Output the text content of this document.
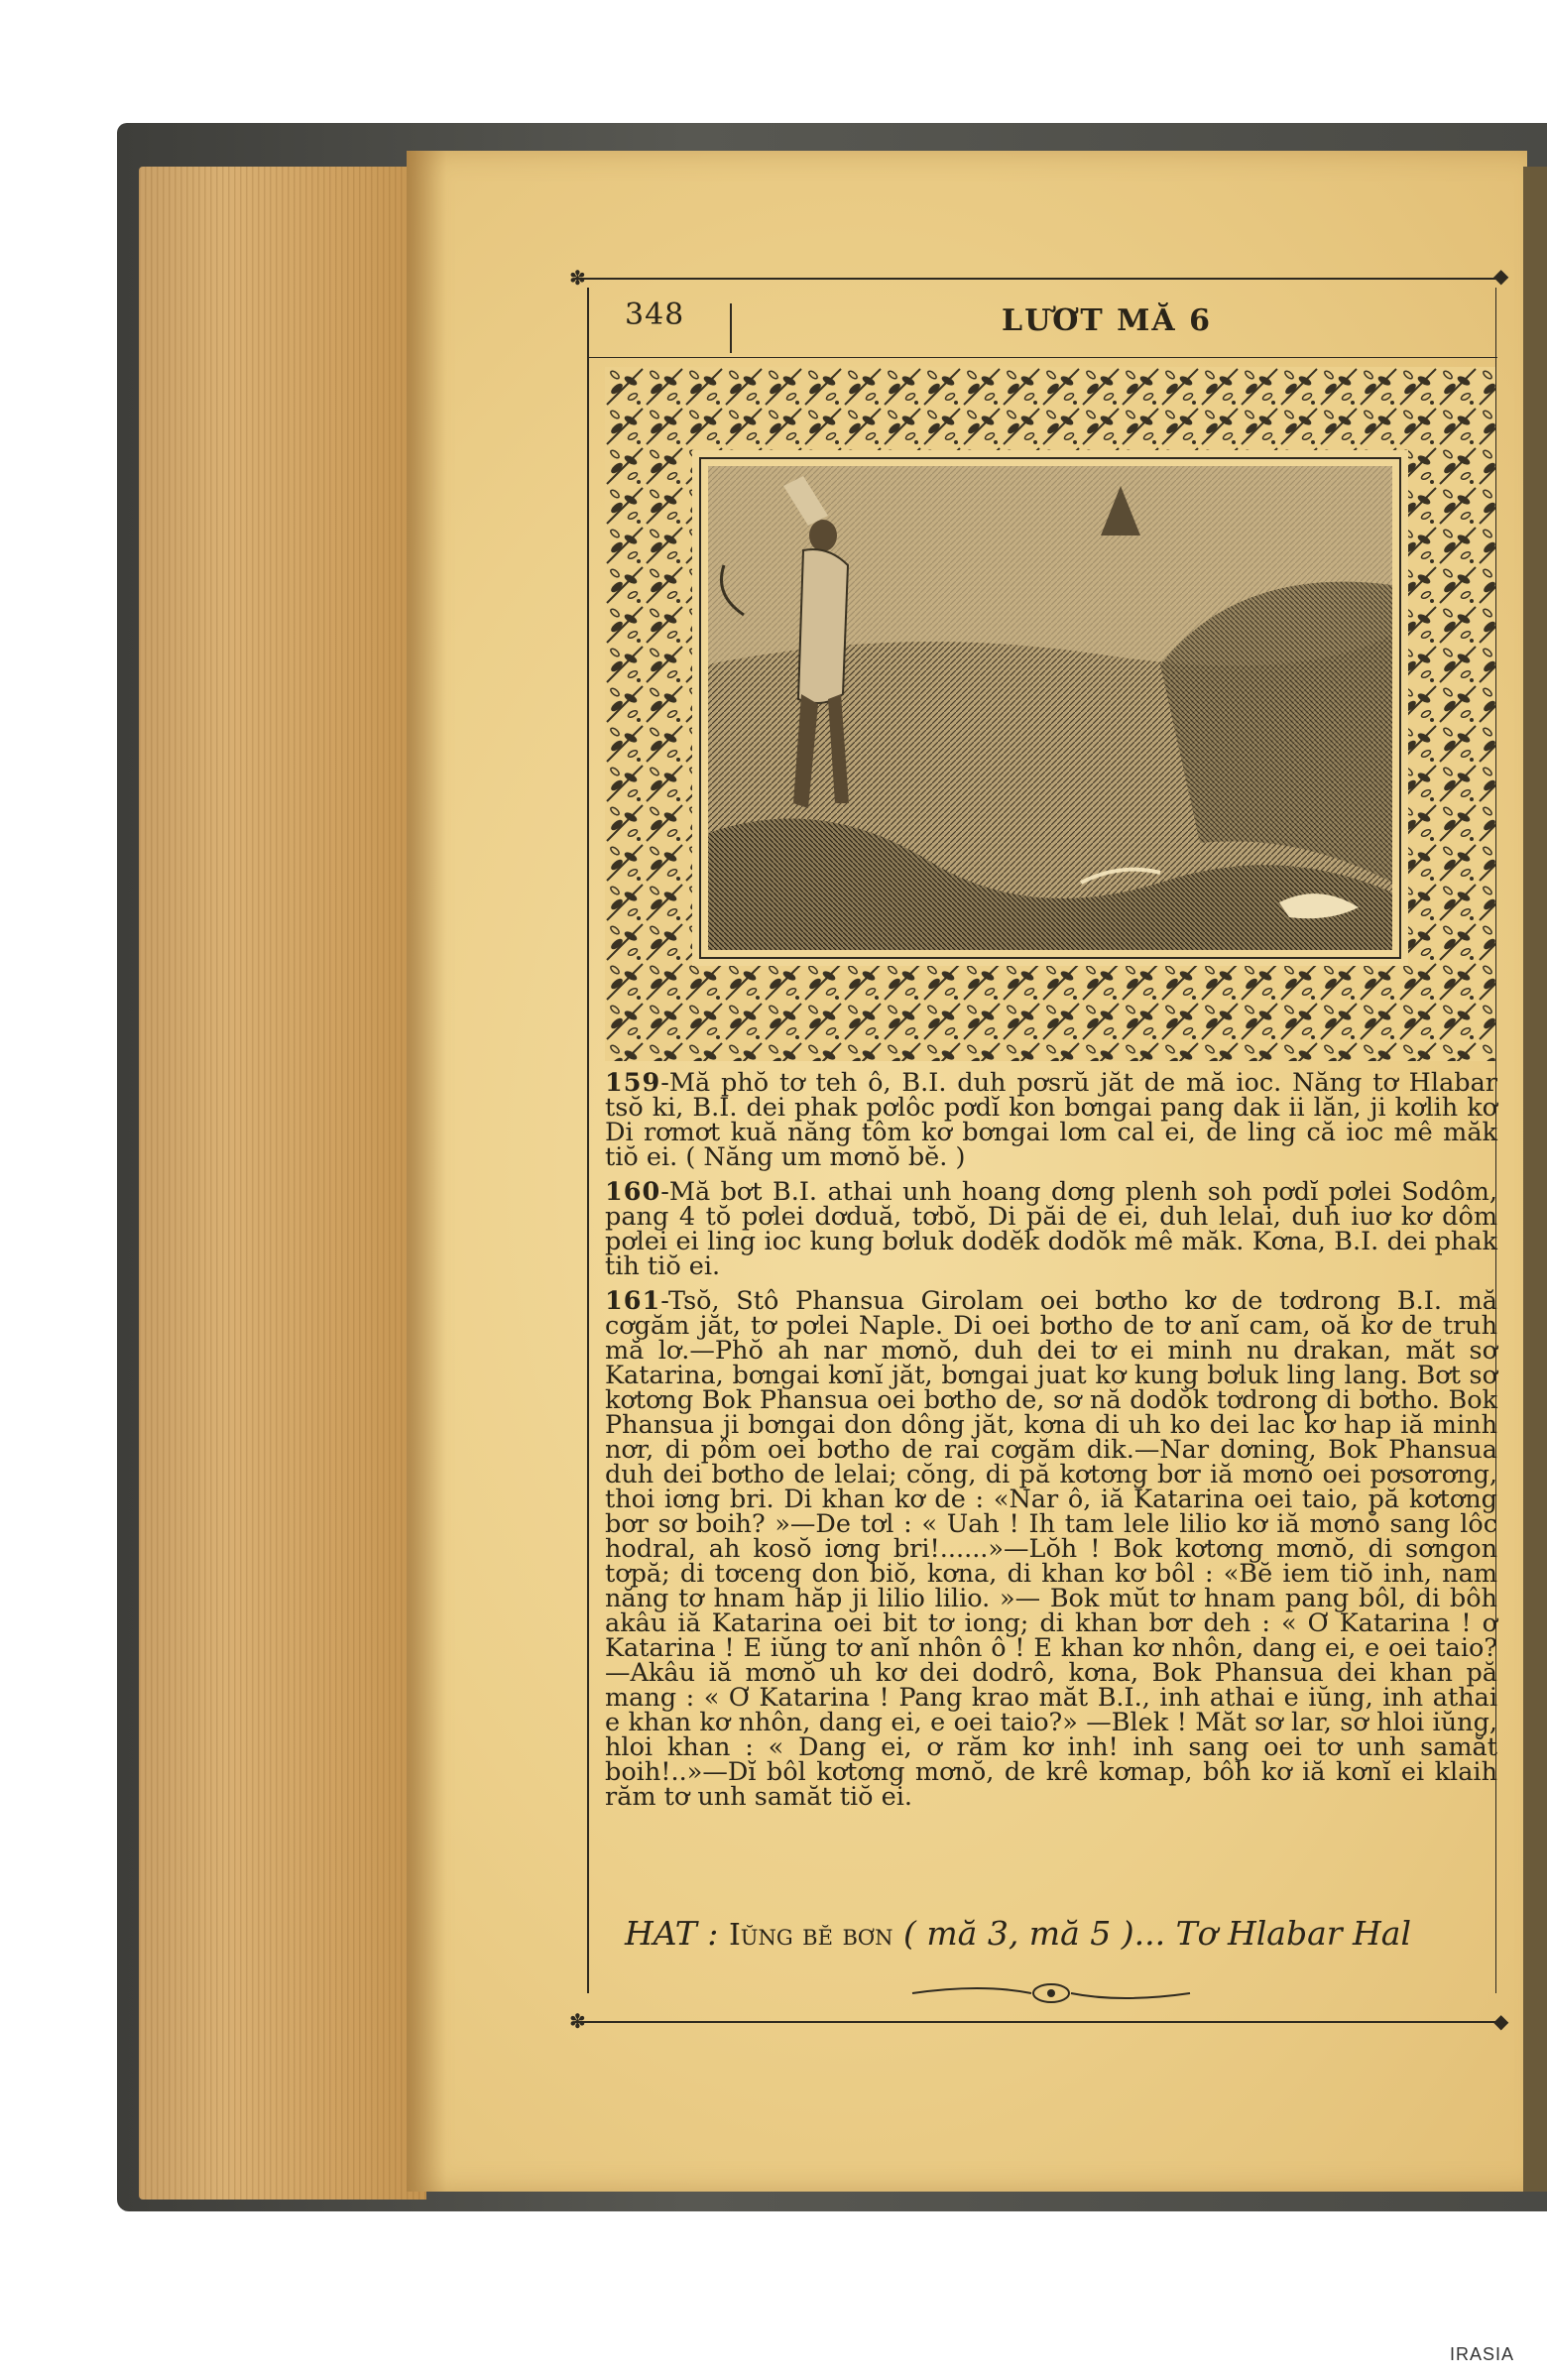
✽	◆
348	LƯƠT MĂ 6

159-Mă phŏ tơ teh ô, B.I. duh pơsrŭ jăt de mă ioc. Năng tơ Hlabar tsŏ ki, B.I. dei phak pơlôc pơdĭ kon bơngai pang dak ii lăn, ji kơlih kơ Di rơmơt kuă năng tôm kơ bơngai lơm cal ei, de ling că ioc mê măk tiŏ ei. ( Năng um mơnŏ bĕ. )

160-Mă bơt B.I. athai unh hoang dơng plenh soh pơdĭ pơlei Sodôm, pang 4 tŏ pơlei dơduă, tơbŏ, Di păi de ei, duh lelai, duh iuơ kơ dôm pơlei ei ling ioc kung bơluk dodĕk dodŏk mê măk. Kơna, B.I. dei phak tih tiŏ ei.

161-Tsŏ, Stô Phansua Girolam oei bơtho kơ de tơdrong B.I. mă cơgăm jăt, tơ pơlei Naple. Di oei bơtho de tơ anĭ cam, oă kơ de truh mă lơ.—Phŏ ah nar mơnŏ, duh dei tơ ei minh nu drakan, măt sơ Katarina, bơngai kơnĭ jăt, bơngai juat kơ kung bơluk ling lang. Bơt sơ kơtơng Bok Phansua oei bơtho de, sơ nă dodŏk tơdrong di bơtho. Bok Phansua ji bơngai don dông jăt, kơna di uh ko dei lac kơ hap iă minh nơr, di pôm oei bơtho de rai cơgăm dik.—Nar dơning, Bok Phansua duh dei bơtho de lelai; cŏng, di pă kơtơng bơr iă mơnŏ oei pơsơrơng, thoi iơng bri. Di khan kơ de : «Nar ô, iă Katarina oei taio, pă kơtơng bơr sơ boih? »—De tơl : « Uah ! Ih tam lele lilio kơ iă mơnŏ sang lôc hodral, ah kosŏ iơng bri!......»—Lŏh ! Bok kơtơng mơnŏ, di sơngon tơpă; di tơceng don biŏ, kơna, di khan kơ bôl : «Bĕ iem tiŏ inh, nam năng tơ hnam hăp ji lilio lilio. »— Bok mŭt tơ hnam pang bôl, di bôh akâu iă Katarina oei bit tơ iong; di khan bơr deh : « Ơ Katarina ! ơ Katarina ! E iŭng tơ anĭ nhôn ô ! E khan kơ nhôn, dang ei, e oei taio?—Akâu iă mơnŏ uh kơ dei dodrô, kơna, Bok Phansua dei khan pă mang : « Ơ Katarina ! Pang krao măt B.I., inh athai e iŭng, inh athai e khan kơ nhôn, dang ei, e oei taio?» —Blek ! Măt sơ lar, sơ hloi iŭng, hloi khan : « Dang ei, ơ răm kơ inh! inh sang oei tơ unh samăt boih!..»—Dĭ bôl kơtơng mơnŏ, de krê kơmap, bôh kơ iă kơnĭ ei klaih răm tơ unh samăt tiŏ ei.

HAT : Iŭng bĕ bơn ( mă 3, mă 5 )... Tơ Hlabar Hal
✽	◆
IRASIA
